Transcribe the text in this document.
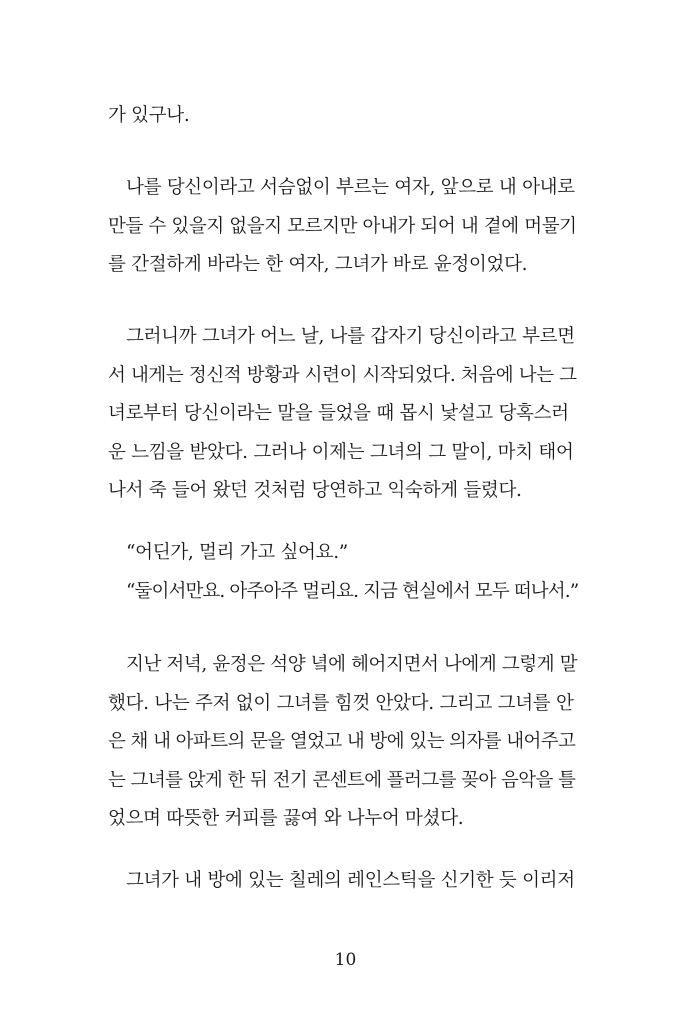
가 있구나.
나를 당신이라고 서슴없이 부르는 여자, 앞으로 내 아내로
만들 수 있을지 없을지 모르지만 아내가 되어 내 곁에 머물기
를 간절하게 바라는 한 여자, 그녀가 바로 윤정이었다.
그러니까 그녀가 어느 날, 나를 갑자기 당신이라고 부르면
서 내게는 정신적 방황과 시련이 시작되었다. 처음에 나는 그
녀로부터 당신이라는 말을 들었을 때 몹시 낯설고 당혹스러
운 느낌을 받았다. 그러나 이제는 그녀의 그 말이, 마치 태어
나서 죽 들어 왔던 것처럼 당연하고 익숙하게 들렸다.
“어딘가, 멀리 가고 싶어요.”
“둘이서만요. 아주아주 멀리요. 지금 현실에서 모두 떠나서.”
지난 저녁, 윤정은 석양 녘에 헤어지면서 나에게 그렇게 말
했다. 나는 주저 없이 그녀를 힘껏 안았다. 그리고 그녀를 안
은 채 내 아파트의 문을 열었고 내 방에 있는 의자를 내어주고
는 그녀를 앉게 한 뒤 전기 콘센트에 플러그를 꽂아 음악을 틀
었으며 따뜻한 커피를 끓여 와 나누어 마셨다.
그녀가 내 방에 있는 칠레의 레인스틱을 신기한 듯 이리저
10
